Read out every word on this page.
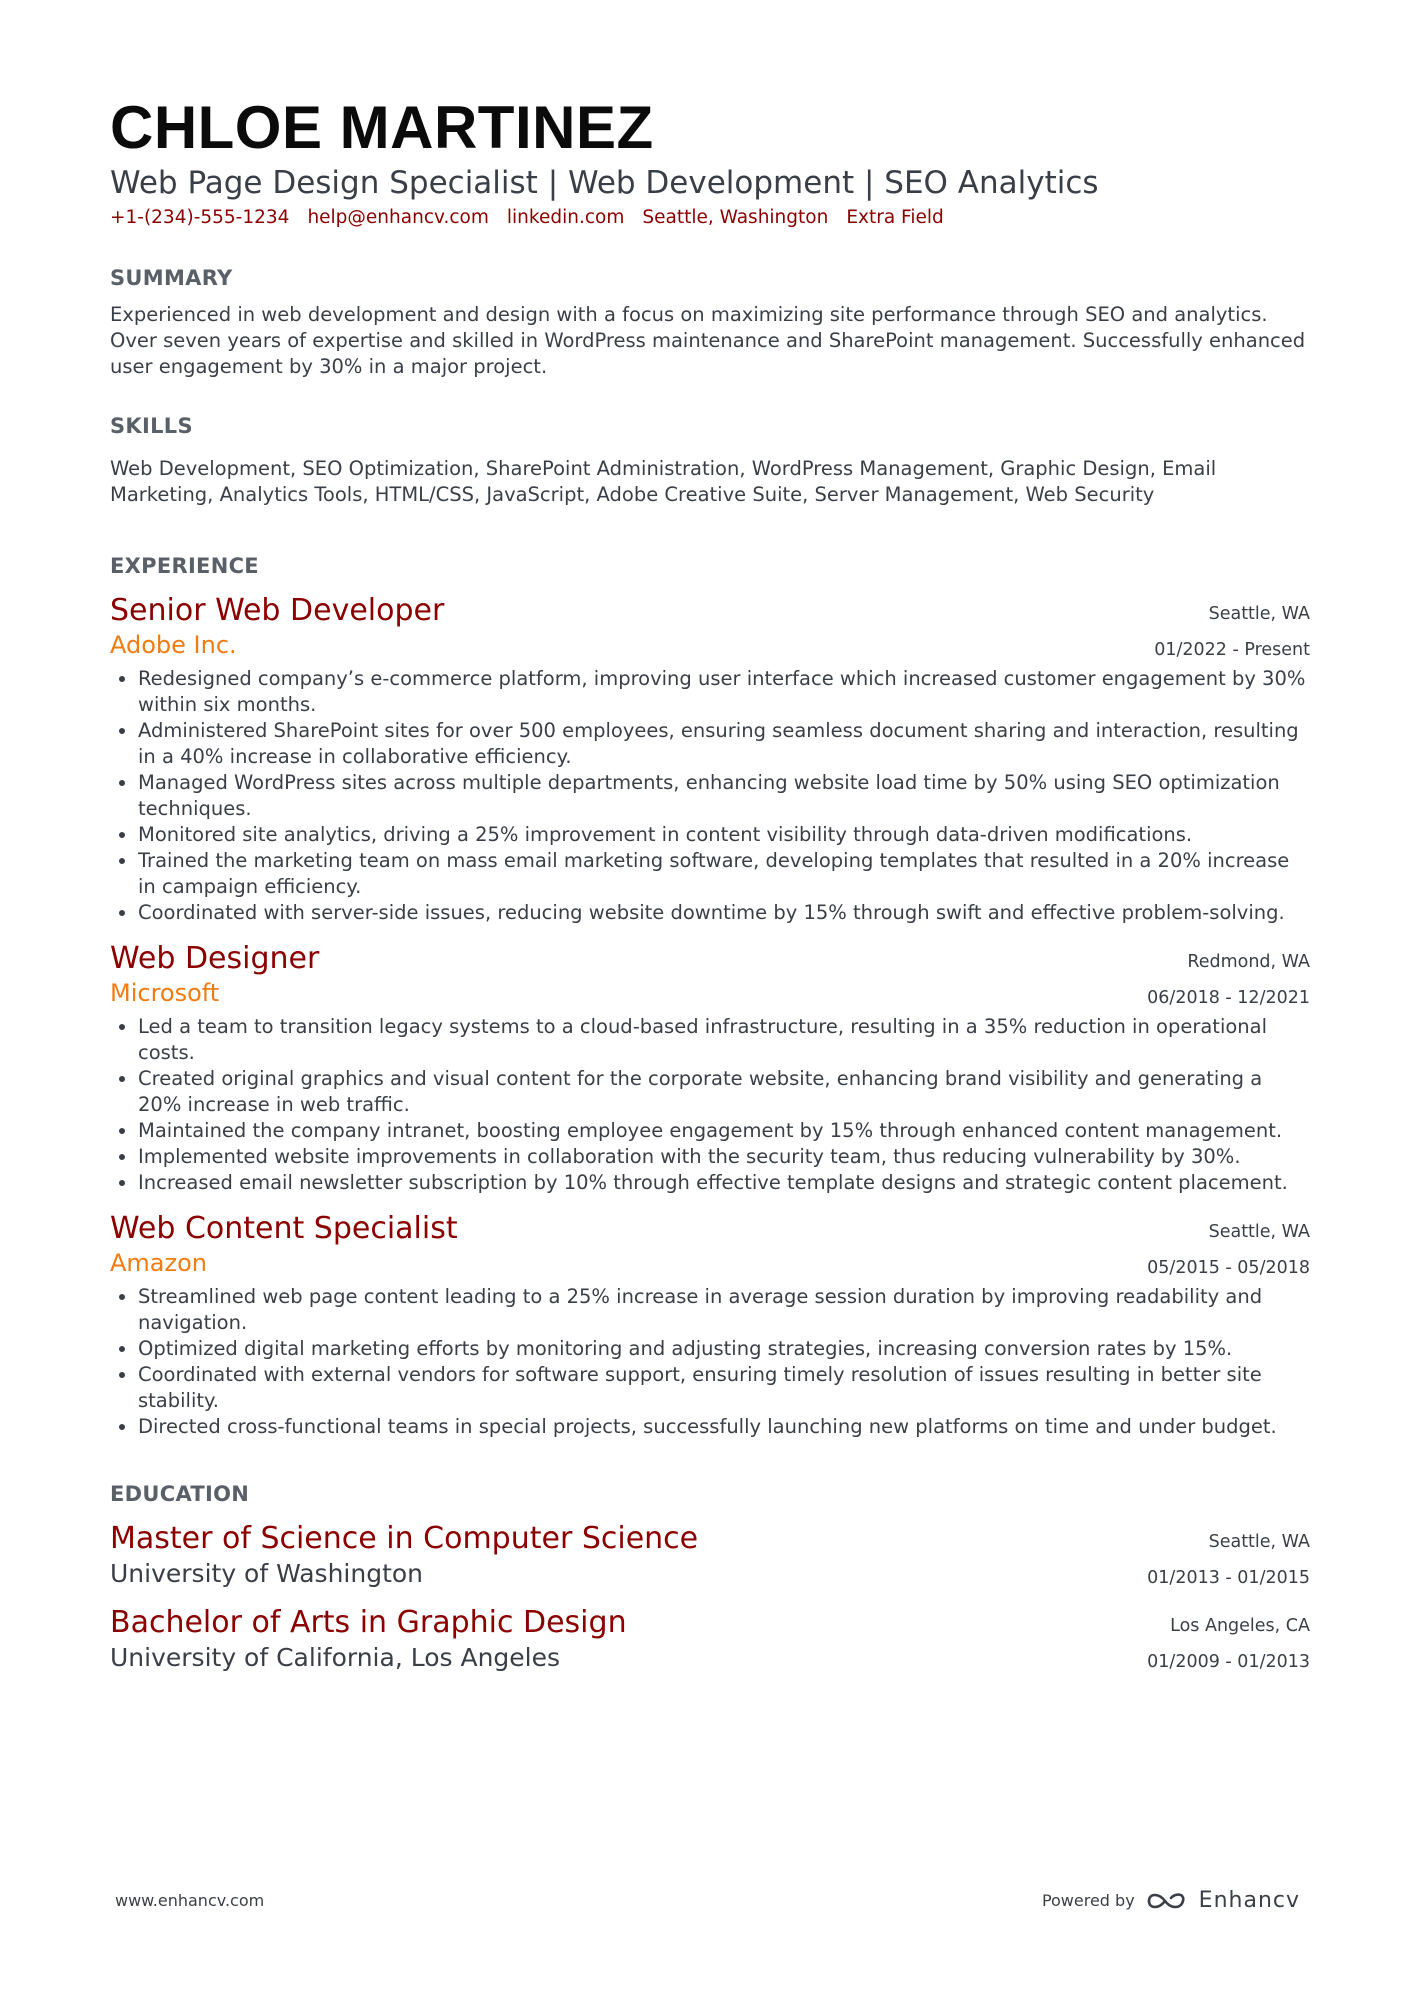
CHLOE MARTINEZ
Web Page Design Specialist | Web Development | SEO Analytics
+1-(234)-555-1234 help@enhancv.com linkedin.com Seattle, Washington Extra Field
SUMMARY
Experienced in web development and design with a focus on maximizing site performance through SEO and analytics. Over seven years of expertise and skilled in WordPress maintenance and SharePoint management. Successfully enhanced user engagement by 30% in a major project.
SKILLS
Web Development, SEO Optimization, SharePoint Administration, WordPress Management, Graphic Design, Email Marketing, Analytics Tools, HTML/CSS, JavaScript, Adobe Creative Suite, Server Management, Web Security
EXPERIENCE
Senior Web Developer
Adobe Inc.
Seattle, WA
01/2022 - Present
• Redesigned company’s e-commerce platform, improving user interface which increased customer engagement by 30% within six months.
• Administered SharePoint sites for over 500 employees, ensuring seamless document sharing and interaction, resulting in a 40% increase in collaborative efficiency.
• Managed WordPress sites across multiple departments, enhancing website load time by 50% using SEO optimization techniques.
• Monitored site analytics, driving a 25% improvement in content visibility through data-driven modifications.
• Trained the marketing team on mass email marketing software, developing templates that resulted in a 20% increase in campaign efficiency.
• Coordinated with server-side issues, reducing website downtime by 15% through swift and effective problem-solving.
Web Designer
Microsoft
Redmond, WA
06/2018 - 12/2021
• Led a team to transition legacy systems to a cloud-based infrastructure, resulting in a 35% reduction in operational costs.
• Created original graphics and visual content for the corporate website, enhancing brand visibility and generating a 20% increase in web traffic.
• Maintained the company intranet, boosting employee engagement by 15% through enhanced content management.
• Implemented website improvements in collaboration with the security team, thus reducing vulnerability by 30%.
• Increased email newsletter subscription by 10% through effective template designs and strategic content placement.
Web Content Specialist
Amazon
Seattle, WA
05/2015 - 05/2018
• Streamlined web page content leading to a 25% increase in average session duration by improving readability and navigation.
• Optimized digital marketing efforts by monitoring and adjusting strategies, increasing conversion rates by 15%.
• Coordinated with external vendors for software support, ensuring timely resolution of issues resulting in better site stability.
• Directed cross-functional teams in special projects, successfully launching new platforms on time and under budget.
EDUCATION
Master of Science in Computer Science
University of Washington
Seattle, WA
01/2013 - 01/2015
Bachelor of Arts in Graphic Design
University of California, Los Angeles
Los Angeles, CA
01/2009 - 01/2013
www.enhancv.com	Powered by	Enhancv
